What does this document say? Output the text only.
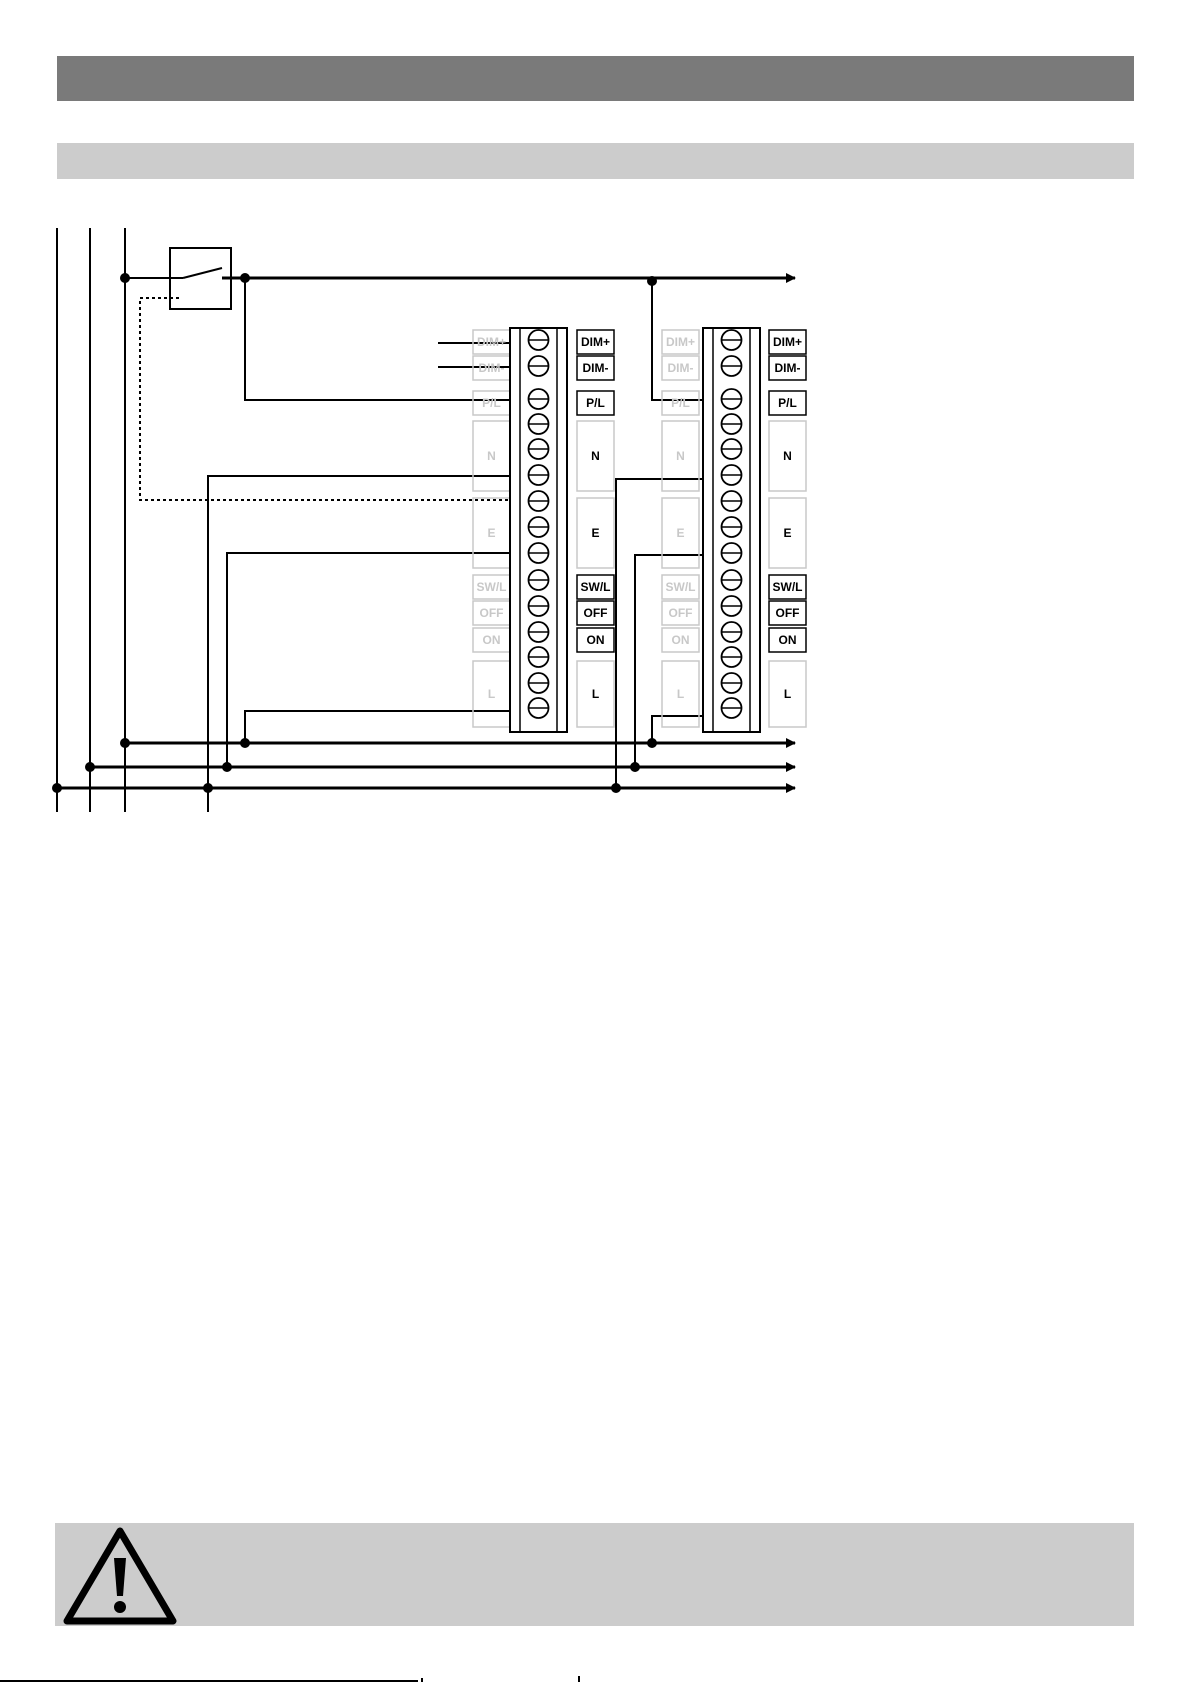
DIM+
DIM-
P/L
N
E
SW/L
OFF
ON
L
DIM+
DIM-
P/L
N
E
SW/L
OFF
ON
L
DIM+
DIM-
P/L
N
E
SW/L
OFF
ON
L
DIM+
DIM-
P/L
N
E
SW/L
OFF
ON
L
